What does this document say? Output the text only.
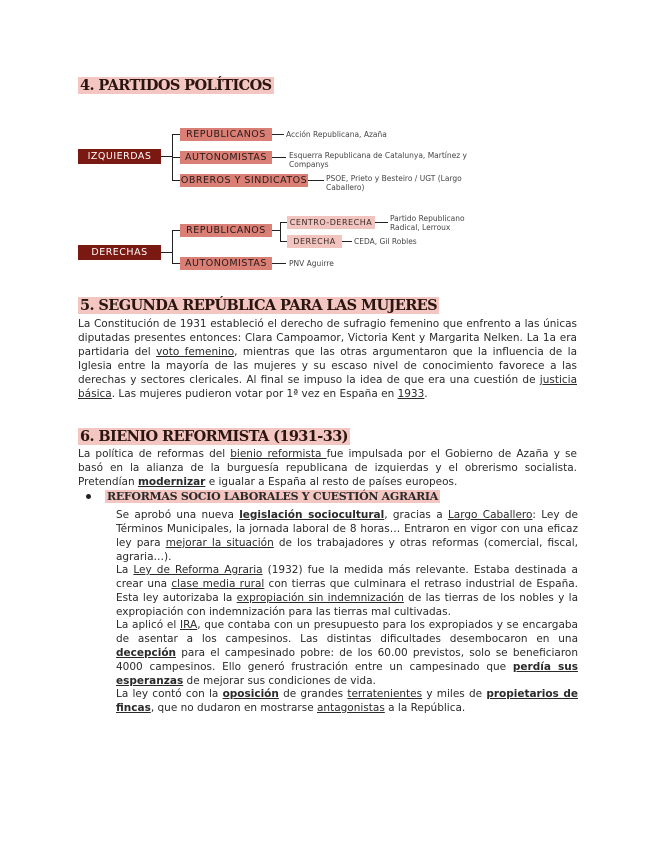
4. PARTIDOS POLÍTICOS
5. SEGUNDA REPÚBLICA PARA LAS MUJERES
6. BIENIO REFORMISTA (1931-33)
IZQUIERDAS
REPUBLICANOS	Acción Republicana, Azaña
AUTONOMISTAS	Esquerra Republicana de Catalunya, Martínez y Companys
OBREROS Y SINDICATOS	PSOE, Prieto y Besteiro / UGT (Largo Caballero)
DERECHAS
REPUBLICANOS
CENTRO-DERECHA	Partido Republicano Radical, Lerroux
DERECHA	CEDA, Gil Robles
AUTONOMISTAS	PNV Aguirre

La Constitución de 1931 estableció el derecho de sufragio femenino que enfrento a las únicas diputadas presentes entonces: Clara Campoamor, Victoria Kent y Margarita Nelken. La 1a era partidaria del voto femenino, mientras que las otras argumentaron que la influencia de la Iglesia entre la mayoría de las mujeres y su escaso nivel de conocimiento favorece a las derechas y sectores clericales. Al final se impuso la idea de que era una cuestión de justicia básica. Las mujeres pudieron votar por 1ª vez en España en 1933.

La política de reformas del bienio reformista fue impulsada por el Gobierno de Azaña y se basó en la alianza de la burguesía republicana de izquierdas y el obrerismo socialista. Pretendían modernizar e igualar a España al resto de países europeos.

REFORMAS SOCIO LABORALES Y CUESTIÓN AGRARIA

Se aprobó una nueva legislación sociocultural, gracias a Largo Caballero: Ley de Términos Municipales, la jornada laboral de 8 horas… Entraron en vigor con una eficaz ley para mejorar la situación de los trabajadores y otras reformas (comercial, fiscal, agraria…).

La Ley de Reforma Agraria (1932) fue la medida más relevante. Estaba destinada a crear una clase media rural con tierras que culminara el retraso industrial de España. Esta ley autorizaba la expropiación sin indemnización de las tierras de los nobles y la expropiación con indemnización para las tierras mal cultivadas.

La aplicó el IRA, que contaba con un presupuesto para los expropiados y se encargaba de asentar a los campesinos. Las distintas dificultades desembocaron en una decepción para el campesinado pobre: de los 60.00 previstos, solo se beneficiaron 4000 campesinos. Ello generó frustración entre un campesinado que perdía sus esperanzas de mejorar sus condiciones de vida.

La ley contó con la oposición de grandes terratenientes y miles de propietarios de fincas, que no dudaron en mostrarse antagonistas a la República.
